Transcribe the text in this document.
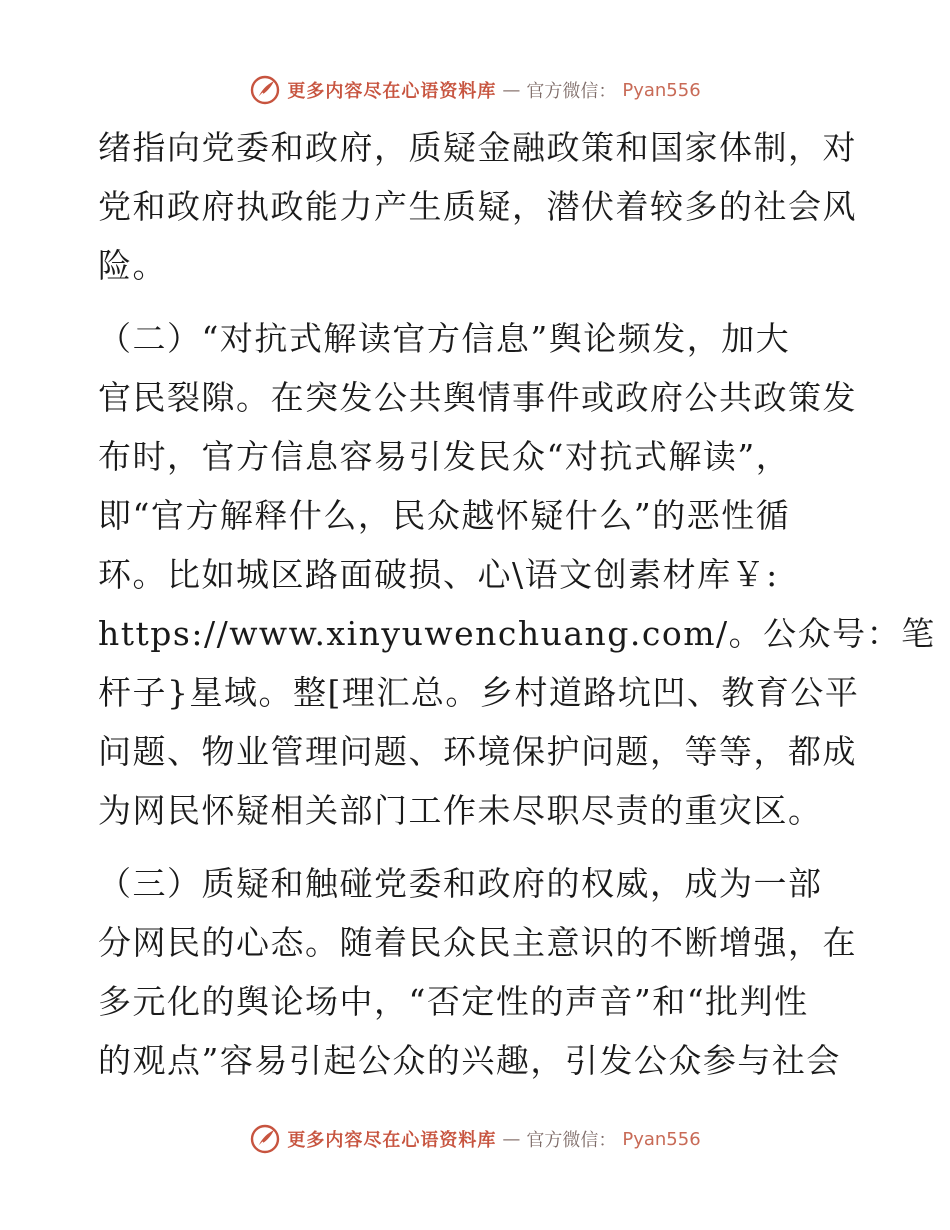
更多内容尽在心语资料库 — 官方微信： Pyan556
绪指向党委和政府，质疑金融政策和国家体制，对
党和政府执政能力产生质疑，潜伏着较多的社会风
险。
（二）“对抗式解读官方信息”舆论频发，加大
官民裂隙。在突发公共舆情事件或政府公共政策发
布时，官方信息容易引发民众“对抗式解读”，
即“官方解释什么，民众越怀疑什么”的恶性循
环。比如城区路面破损、心\语文创素材库￥:
https://www.xinyuwenchuang.com/。公众号：笔
杆子}星域。整[理汇总。乡村道路坑凹、教育公平
问题、物业管理问题、环境保护问题，等等，都成
为网民怀疑相关部门工作未尽职尽责的重灾区。
（三）质疑和触碰党委和政府的权威，成为一部
分网民的心态。随着民众民主意识的不断增强，在
多元化的舆论场中，“否定性的声音”和“批判性
的观点”容易引起公众的兴趣，引发公众参与社会
更多内容尽在心语资料库 — 官方微信： Pyan556
